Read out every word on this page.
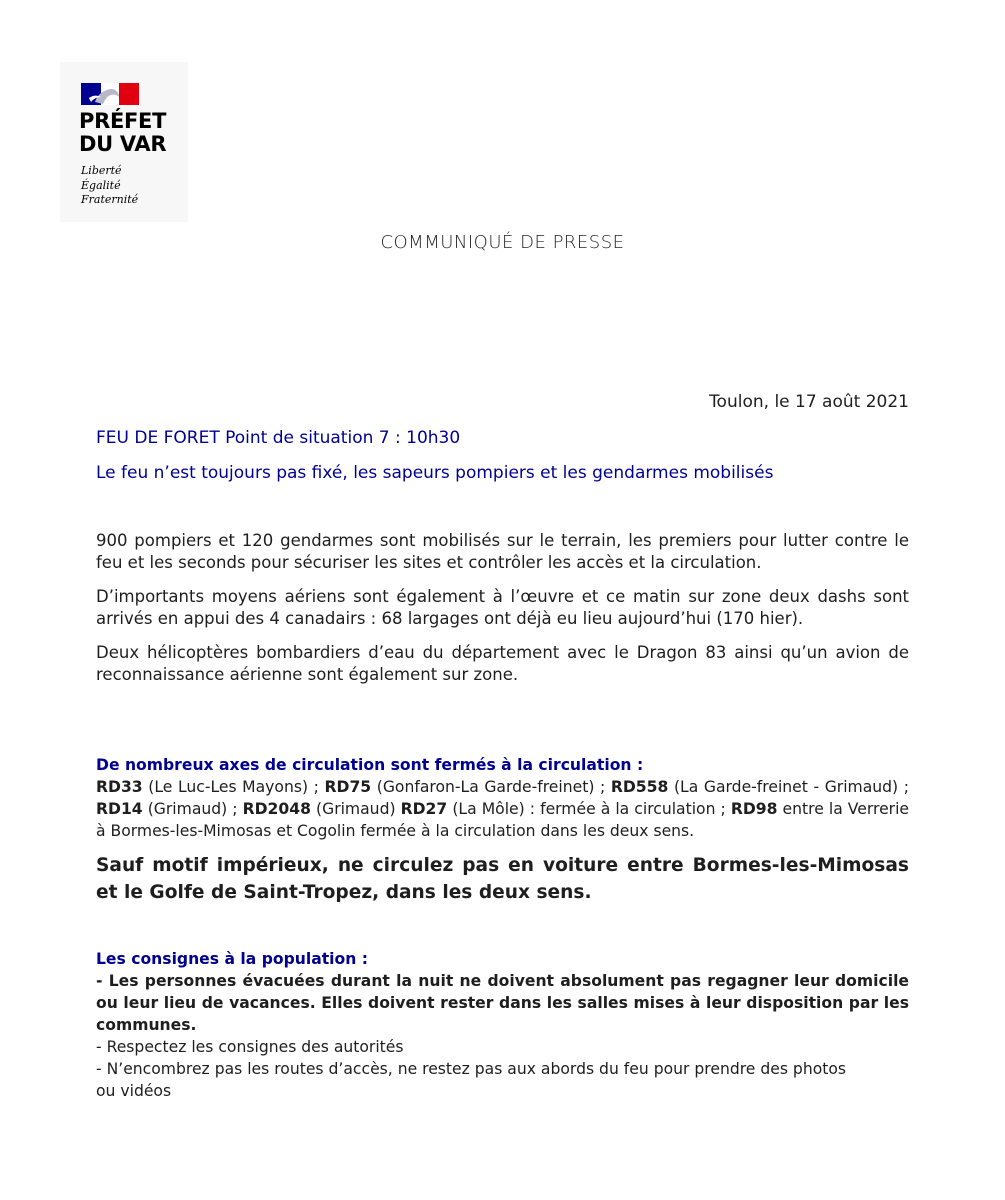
PRÉFET
DU VAR
Liberté
Égalité
Fraternité
COMMUNIQUÉ DE PRESSE
Toulon, le 17 août 2021
FEU DE FORET Point de situation 7 : 10h30
Le feu n’est toujours pas fixé, les sapeurs pompiers et les gendarmes mobilisés

900 pompiers et 120 gendarmes sont mobilisés sur le terrain, les premiers pour lutter contre le feu et les seconds pour sécuriser les sites et contrôler les accès et la circulation.

D’importants moyens aériens sont également à l’œuvre et ce matin sur zone deux dashs sont arrivés en appui des 4 canadairs : 68 largages ont déjà eu lieu aujourd’hui (170 hier).

Deux hélicoptères bombardiers d’eau du département avec le Dragon 83 ainsi qu’un avion de reconnaissance aérienne sont également sur zone.

De nombreux axes de circulation sont fermés à la circulation :

RD33 (Le Luc-Les Mayons) ; RD75 (Gonfaron-La Garde-freinet) ; RD558 (La Garde-freinet - Grimaud) ; RD14 (Grimaud) ; RD2048 (Grimaud) RD27 (La Môle) : fermée à la circulation ; RD98 entre la Verrerie à Bormes-les-Mimosas et Cogolin fermée à la circulation dans les deux sens.

Sauf motif impérieux, ne circulez pas en voiture entre Bormes-les-Mimosas et le Golfe de Saint-Tropez, dans les deux sens.

Les consignes à la population :

- Les personnes évacuées durant la nuit ne doivent absolument pas regagner leur domicile ou leur lieu de vacances. Elles doivent rester dans les salles mises à leur disposition par les communes.

- Respectez les consignes des autorités

- N’encombrez pas les routes d’accès, ne restez pas aux abords du feu pour prendre des photos ou vidéos
